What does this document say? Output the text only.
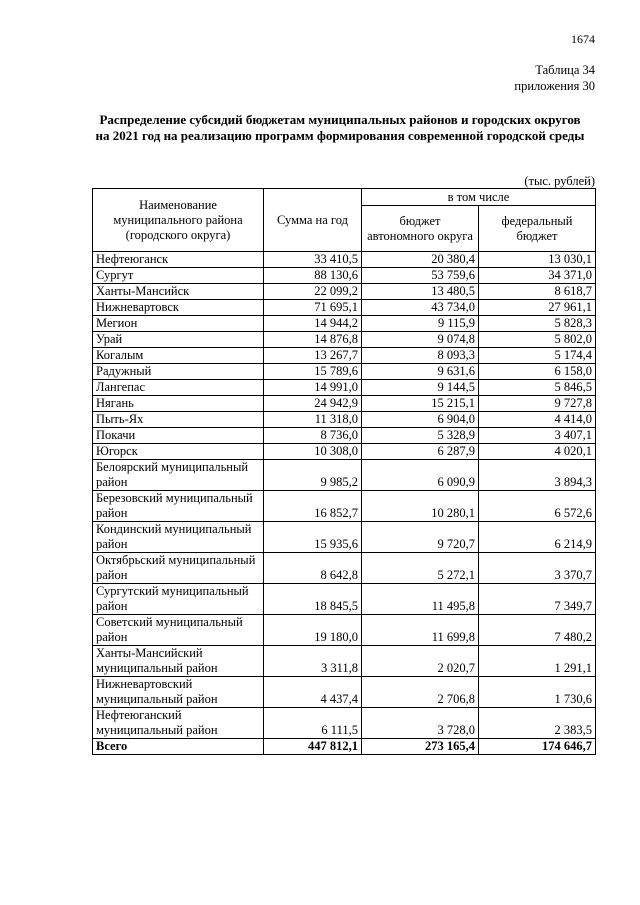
1674
Таблица 34
приложения 30
Распределение субсидий бюджетам муниципальных районов и городских округов на 2021 год на реализацию программ формирования современной городской среды
(тыс. рублей)
Наименование муниципального района (городского округа)	Сумма на год	в том числе	
		бюджет автономного округа	федеральный бюджет
Нефтеюганск	33 410,5	20 380,4	13 030,1
Сургут	88 130,6	53 759,6	34 371,0
Ханты-Мансийск	22 099,2	13 480,5	8 618,7
Нижневартовск	71 695,1	43 734,0	27 961,1
Мегион	14 944,2	9 115,9	5 828,3
Урай	14 876,8	9 074,8	5 802,0
Когалым	13 267,7	8 093,3	5 174,4
Радужный	15 789,6	9 631,6	6 158,0
Лангепас	14 991,0	9 144,5	5 846,5
Нягань	24 942,9	15 215,1	9 727,8
Пыть-Ях	11 318,0	6 904,0	4 414,0
Покачи	8 736,0	5 328,9	3 407,1
Югорск	10 308,0	6 287,9	4 020,1
Белоярский муниципальный район	9 985,2	6 090,9	3 894,3
Березовский муниципальный район	16 852,7	10 280,1	6 572,6
Кондинский муниципальный район	15 935,6	9 720,7	6 214,9
Октябрьский муниципальный район	8 642,8	5 272,1	3 370,7
Сургутский муниципальный район	18 845,5	11 495,8	7 349,7
Советский муниципальный район	19 180,0	11 699,8	7 480,2
Ханты-Мансийский муниципальный район	3 311,8	2 020,7	1 291,1
Нижневартовский муниципальный район	4 437,4	2 706,8	1 730,6
Нефтеюганский муниципальный район	6 111,5	3 728,0	2 383,5
Всего	447 812,1	273 165,4	174 646,7
